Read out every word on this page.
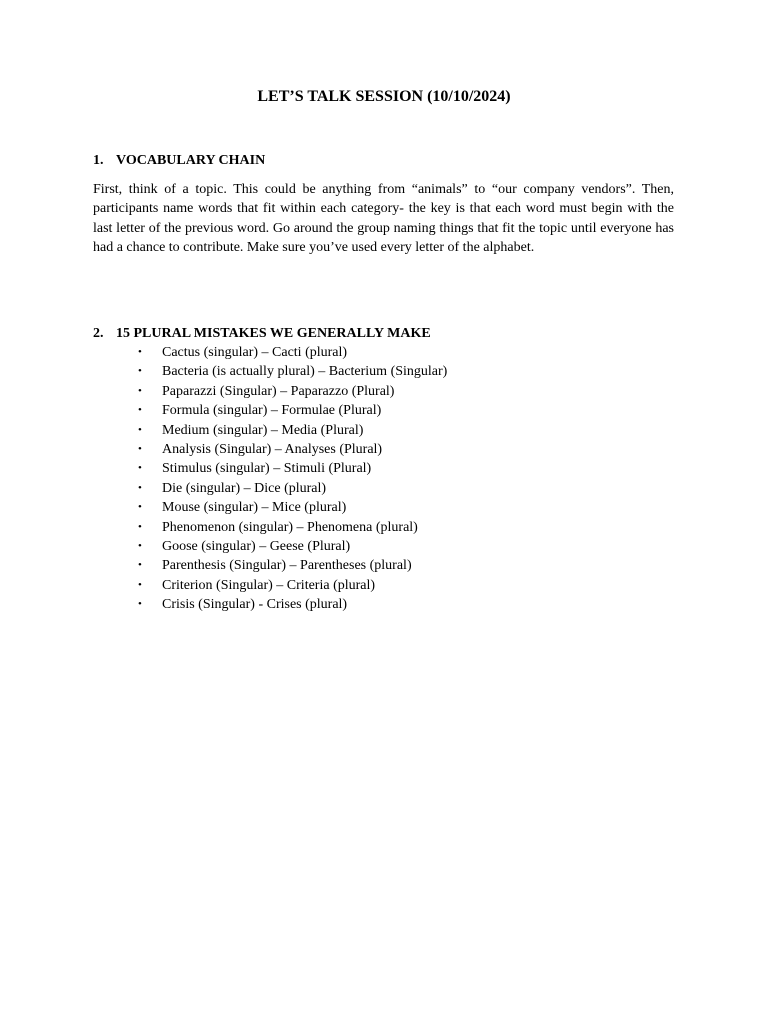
LET’S TALK SESSION (10/10/2024)
1. VOCABULARY CHAIN

First, think of a topic. This could be anything from “animals” to “our company vendors”. Then, participants name words that fit within each category- the key is that each word must begin with the last letter of the previous word. Go around the group naming things that fit the topic until everyone has had a chance to contribute. Make sure you’ve used every letter of the alphabet.

2. 15 PLURAL MISTAKES WE GENERALLY MAKE
• Cactus (singular) – Cacti (plural)
• Bacteria (is actually plural) – Bacterium (Singular)
• Paparazzi (Singular) – Paparazzo (Plural)
• Formula (singular) – Formulae (Plural)
• Medium (singular) – Media (Plural)
• Analysis (Singular) – Analyses (Plural)
• Stimulus (singular) – Stimuli (Plural)
• Die (singular) – Dice (plural)
• Mouse (singular) – Mice (plural)
• Phenomenon (singular) – Phenomena (plural)
• Goose (singular) – Geese (Plural)
• Parenthesis (Singular) – Parentheses (plural)
• Criterion (Singular) – Criteria (plural)
• Crisis (Singular) - Crises (plural)
